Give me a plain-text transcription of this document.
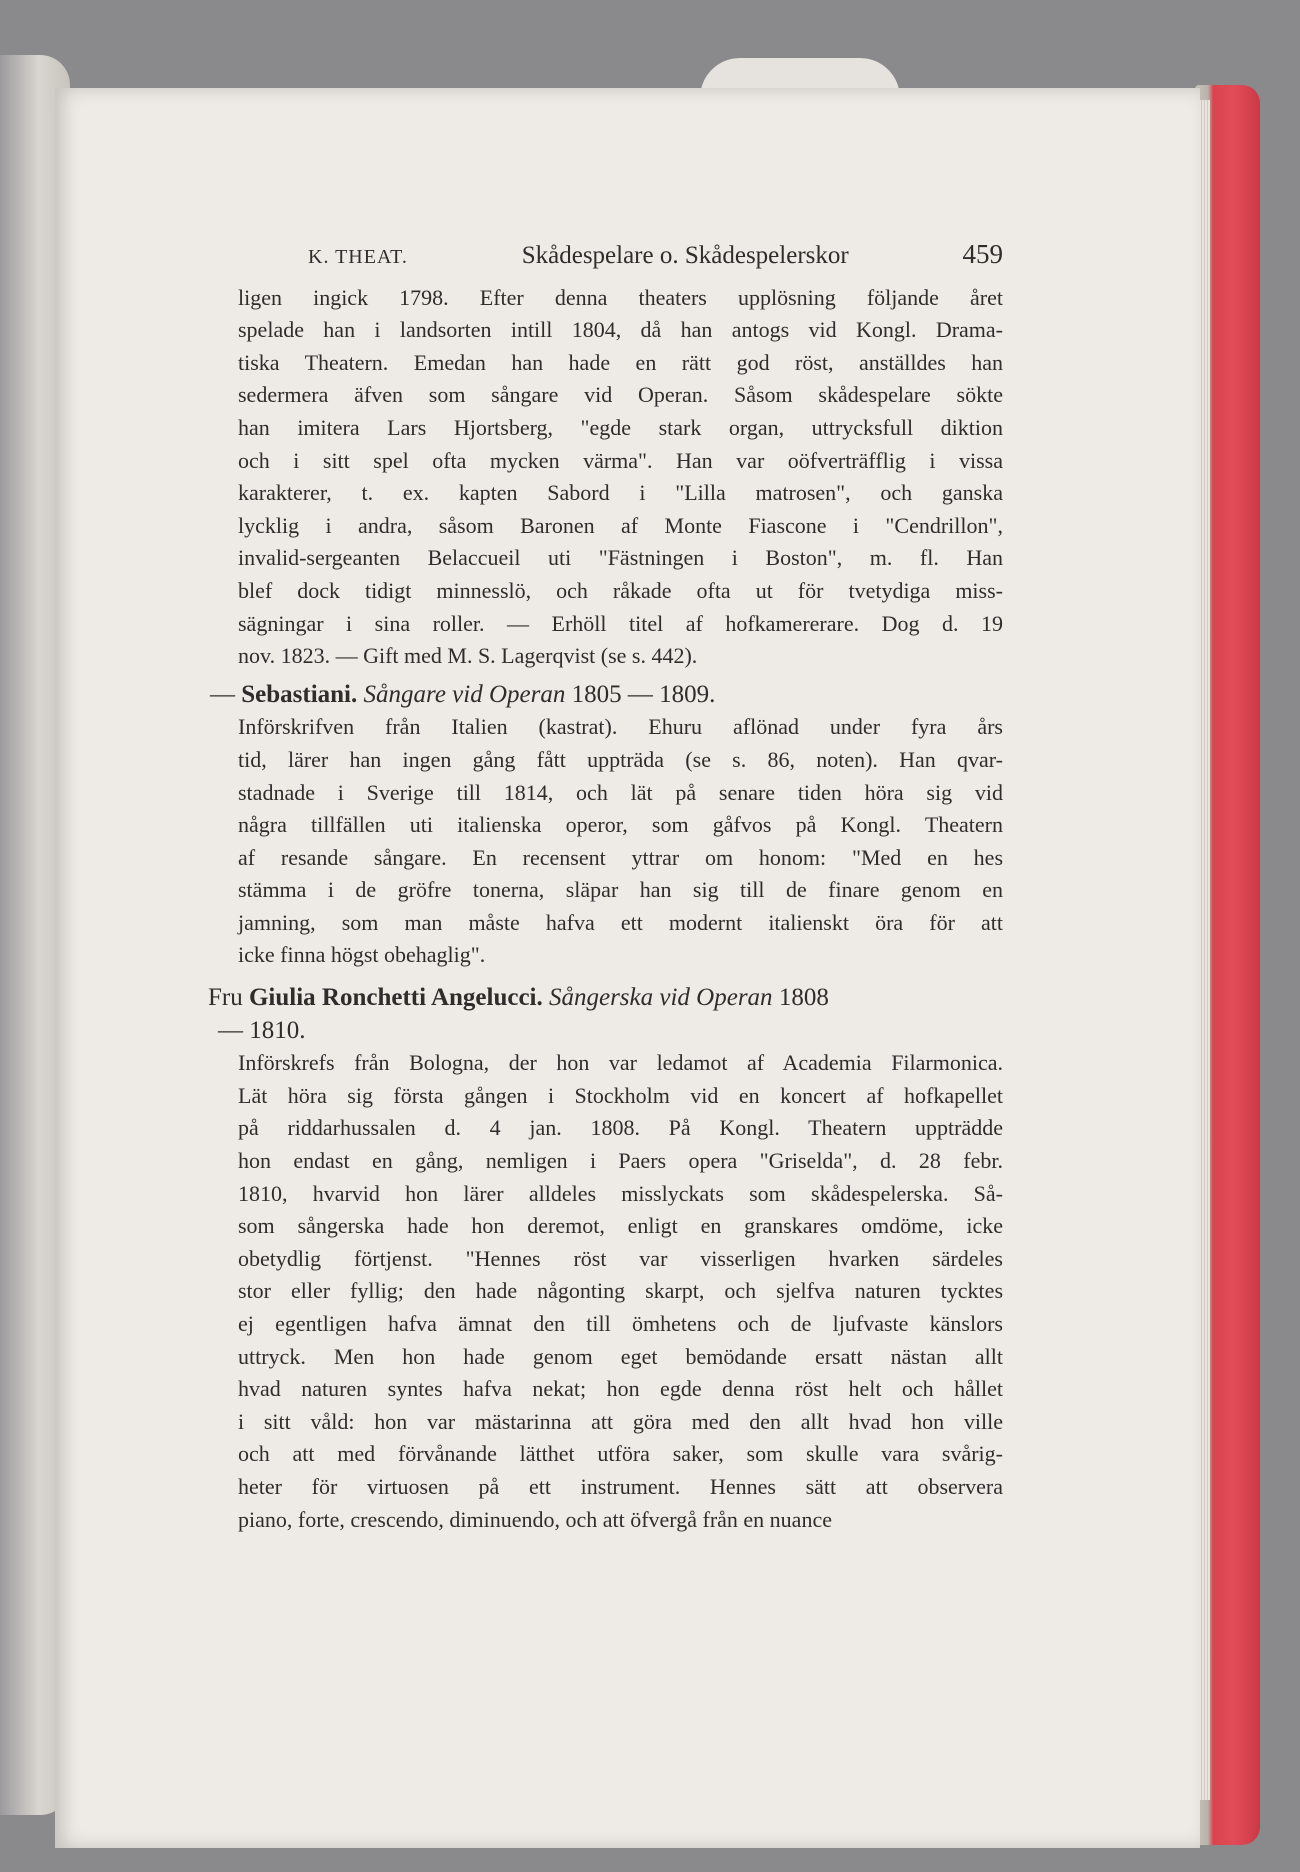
K. THEAT.	Skådespelare o. Skådespelerskor	459
ligen ingick 1798. Efter denna theaters upplösning följande året
spelade han i landsorten intill 1804, då han antogs vid Kongl. Drama-
tiska Theatern. Emedan han hade en rätt god röst, anställdes han
sedermera äfven som sångare vid Operan. Såsom skådespelare sökte
han imitera Lars Hjortsberg, "egde stark organ, uttrycksfull diktion
och i sitt spel ofta mycken värma". Han var oöfverträfflig i vissa
karakterer, t. ex. kapten Sabord i "Lilla matrosen", och ganska
lycklig i andra, såsom Baronen af Monte Fiascone i "Cendrillon",
invalid-sergeanten Belaccueil uti "Fästningen i Boston", m. fl. Han
blef dock tidigt minnesslö, och råkade ofta ut för tvetydiga miss-
sägningar i sina roller. — Erhöll titel af hofkamererare. Dog d. 19
nov. 1823. — Gift med M. S. Lagerqvist (se s. 442).
— Sebastiani. Sångare vid Operan 1805 — 1809.
Införskrifven från Italien (kastrat). Ehuru aflönad under fyra års
tid, lärer han ingen gång fått uppträda (se s. 86, noten). Han qvar-
stadnade i Sverige till 1814, och lät på senare tiden höra sig vid
några tillfällen uti italienska operor, som gåfvos på Kongl. Theatern
af resande sångare. En recensent yttrar om honom: "Med en hes
stämma i de gröfre tonerna, släpar han sig till de finare genom en
jamning, som man måste hafva ett modernt italienskt öra för att
icke finna högst obehaglig".
Fru Giulia Ronchetti Angelucci. Sångerska vid Operan 1808
— 1810.
Införskrefs från Bologna, der hon var ledamot af Academia Filarmonica.
Lät höra sig första gången i Stockholm vid en koncert af hofkapellet
på riddarhussalen d. 4 jan. 1808. På Kongl. Theatern uppträdde
hon endast en gång, nemligen i Paers opera "Griselda", d. 28 febr.
1810, hvarvid hon lärer alldeles misslyckats som skådespelerska. Så-
som sångerska hade hon deremot, enligt en granskares omdöme, icke
obetydlig förtjenst. "Hennes röst var visserligen hvarken särdeles
stor eller fyllig; den hade någonting skarpt, och sjelfva naturen tycktes
ej egentligen hafva ämnat den till ömhetens och de ljufvaste känslors
uttryck. Men hon hade genom eget bemödande ersatt nästan allt
hvad naturen syntes hafva nekat; hon egde denna röst helt och hållet
i sitt våld: hon var mästarinna att göra med den allt hvad hon ville
och att med förvånande lätthet utföra saker, som skulle vara svårig-
heter för virtuosen på ett instrument. Hennes sätt att observera
piano, forte, crescendo, diminuendo, och att öfvergå från en nuance
